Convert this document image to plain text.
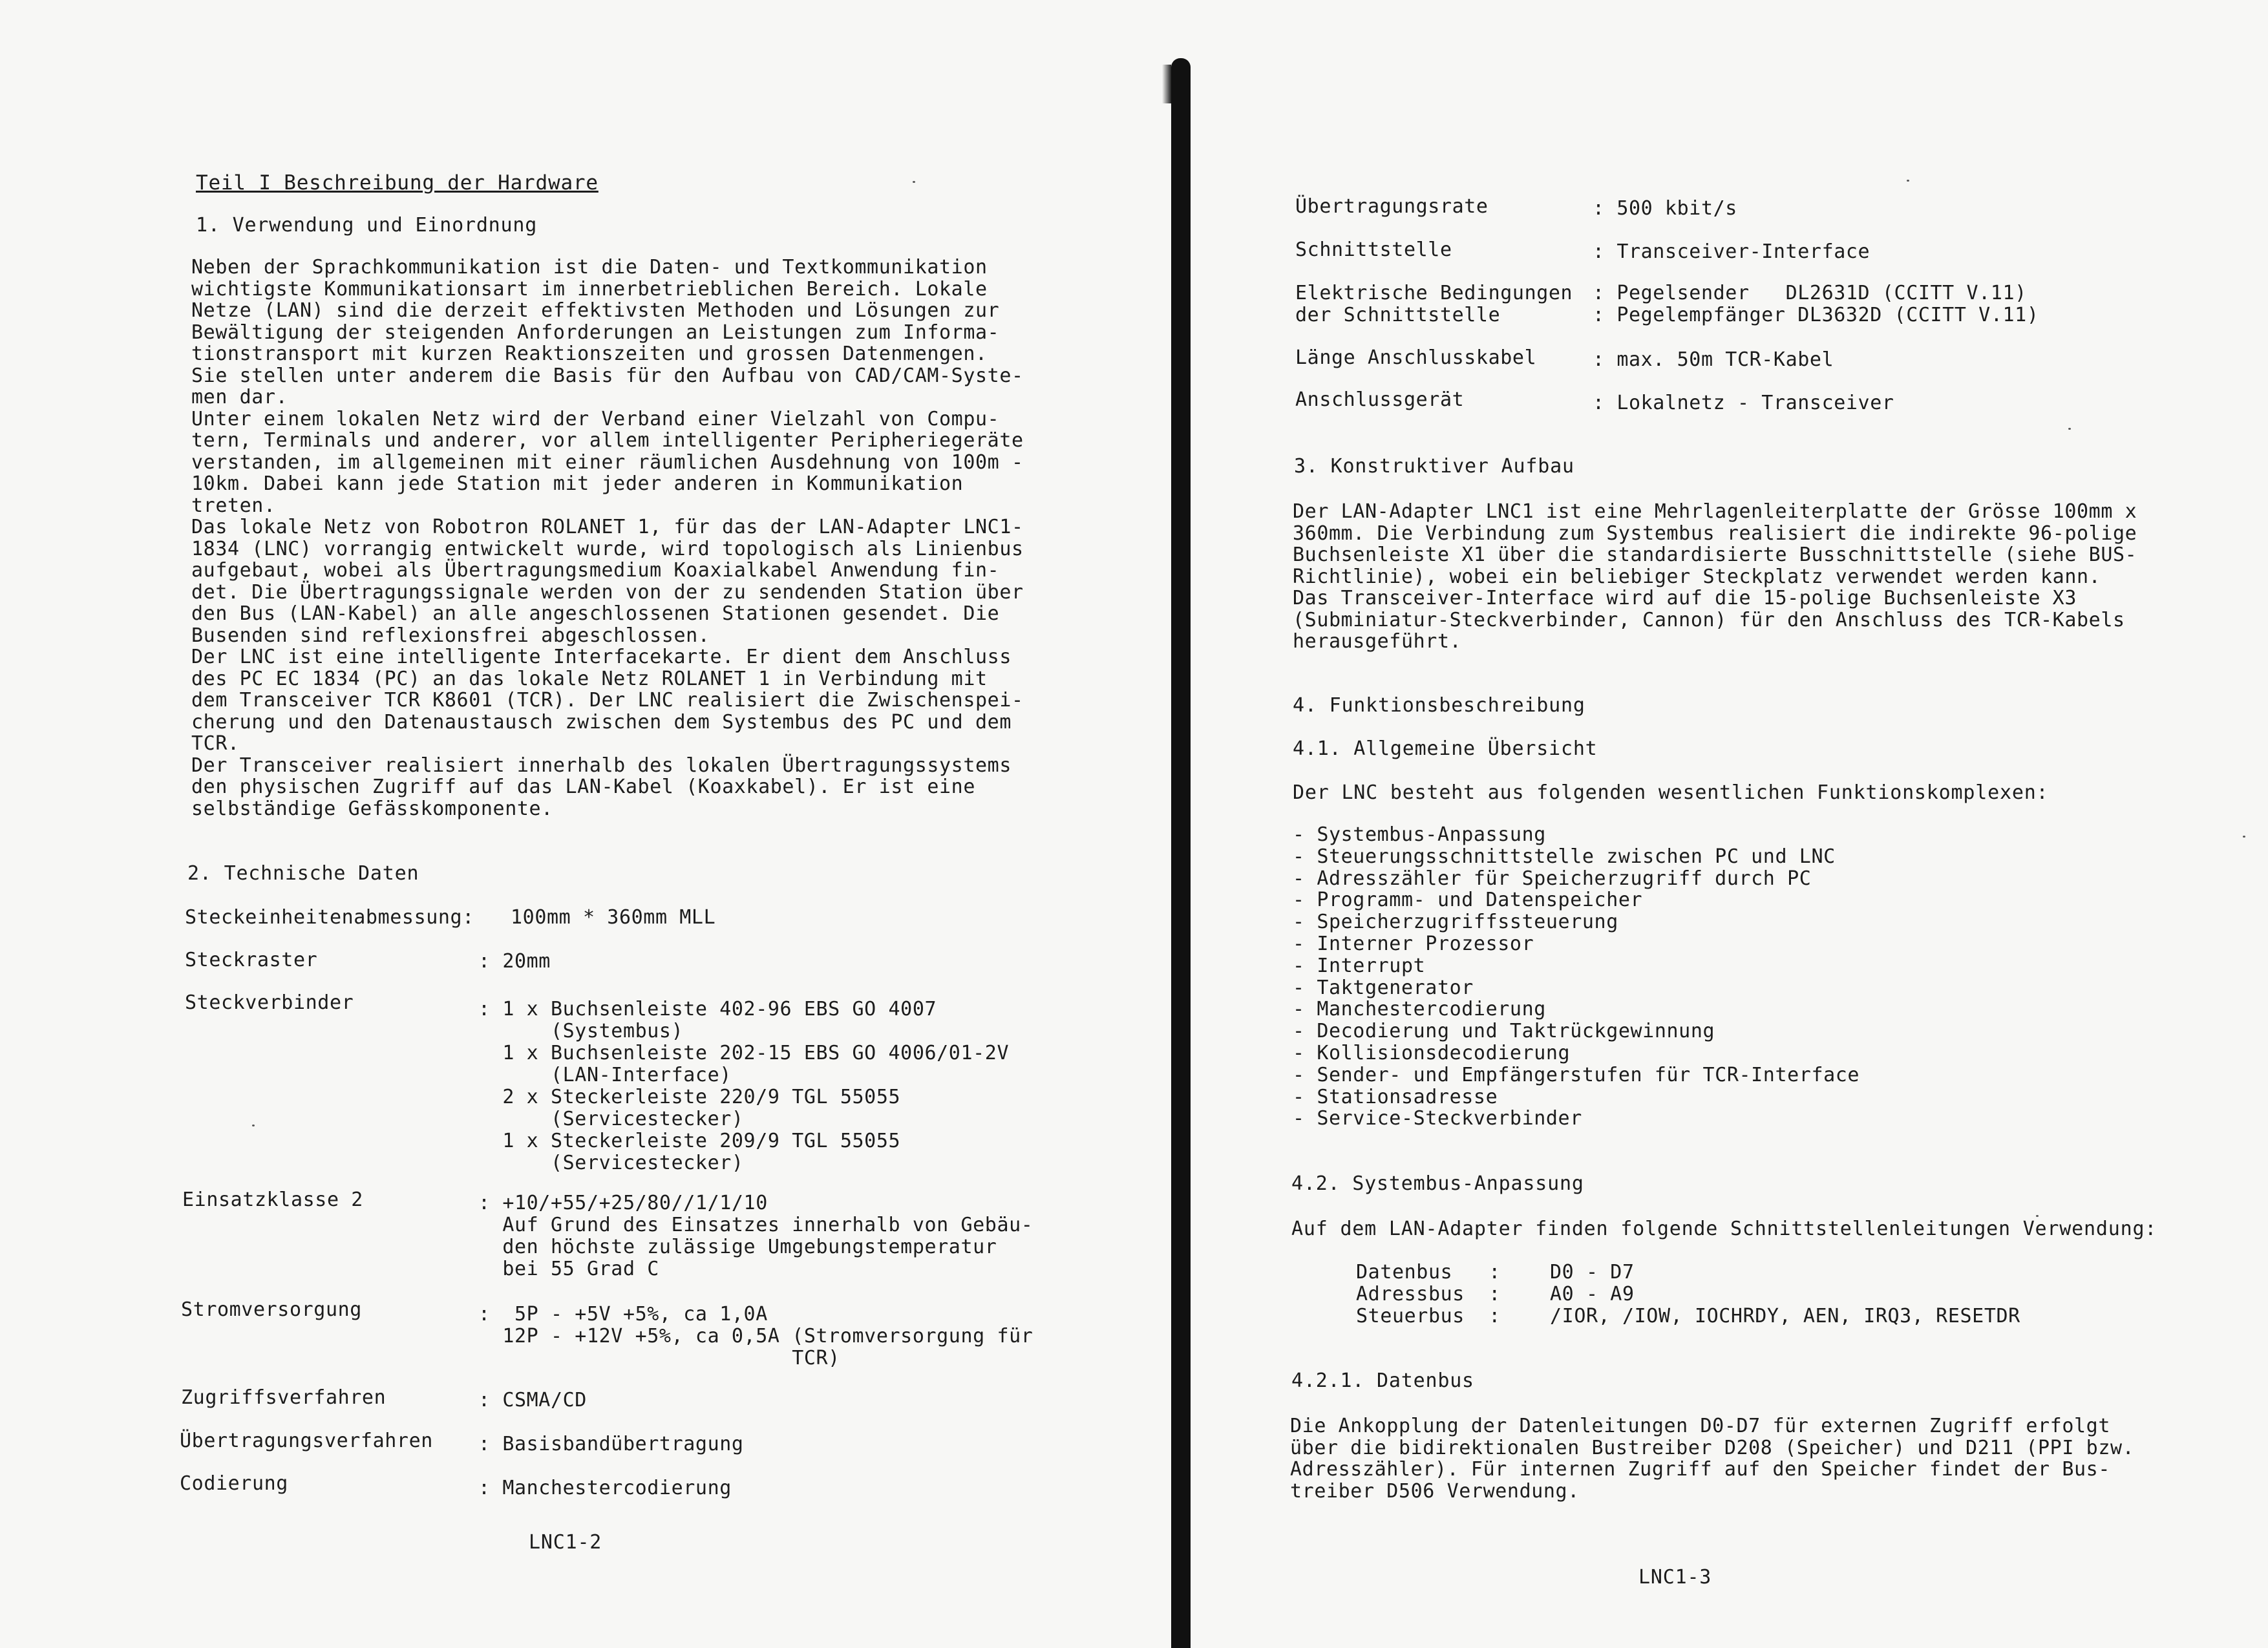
Teil I Beschreibung der Hardware
1. Verwendung und Einordnung
Neben der Sprachkommunikation ist die Daten- und Textkommunikation
wichtigste Kommunikationsart im innerbetrieblichen Bereich. Lokale
Netze (LAN) sind die derzeit effektivsten Methoden und Lösungen zur
Bewältigung der steigenden Anforderungen an Leistungen zum Informa-
tionstransport mit kurzen Reaktionszeiten und grossen Datenmengen.
Sie stellen unter anderem die Basis für den Aufbau von CAD/CAM-Syste-
men dar.
Unter einem lokalen Netz wird der Verband einer Vielzahl von Compu-
tern, Terminals und anderer, vor allem intelligenter Peripheriegeräte
verstanden, im allgemeinen mit einer räumlichen Ausdehnung von 100m -
10km. Dabei kann jede Station mit jeder anderen in Kommunikation
treten.
Das lokale Netz von Robotron ROLANET 1, für das der LAN-Adapter LNC1-
1834 (LNC) vorrangig entwickelt wurde, wird topologisch als Linienbus
aufgebaut, wobei als Übertragungsmedium Koaxialkabel Anwendung fin-
det. Die Übertragungssignale werden von der zu sendenden Station über
den Bus (LAN-Kabel) an alle angeschlossenen Stationen gesendet. Die
Busenden sind reflexionsfrei abgeschlossen.
Der LNC ist eine intelligente Interfacekarte. Er dient dem Anschluss
des PC EC 1834 (PC) an das lokale Netz ROLANET 1 in Verbindung mit
dem Transceiver TCR K8601 (TCR). Der LNC realisiert die Zwischenspei-
cherung und den Datenaustausch zwischen dem Systembus des PC und dem
TCR.
Der Transceiver realisiert innerhalb des lokalen Übertragungssystems
den physischen Zugriff auf das LAN-Kabel (Koaxkabel). Er ist eine
selbständige Gefässkomponente.
2. Technische Daten
Steckeinheitenabmessung: 100mm * 360mm MLL
Steckraster	: 20mm
Steckverbinder	: 1 x Buchsenleiste 402-96 EBS GO 4007
(Systembus)
1 x Buchsenleiste 202-15 EBS GO 4006/01-2V
(LAN-Interface)
2 x Steckerleiste 220/9 TGL 55055
(Servicestecker)
1 x Steckerleiste 209/9 TGL 55055
(Servicestecker)
Einsatzklasse 2	: +10/+55/+25/80//1/1/10
Auf Grund des Einsatzes innerhalb von Gebäu-
den höchste zulässige Umgebungstemperatur
bei 55 Grad C
Stromversorgung	:  5P - +5V +5%, ca 1,0A
12P - +12V +5%, ca 0,5A (Stromversorgung für
TCR)
Zugriffsverfahren	: CSMA/CD
Übertragungsverfahren : Basisbandübertragung
Codierung	: Manchestercodierung
LNC1-2
Übertragungsrate	: 500 kbit/s
Schnittstelle	: Transceiver-Interface
Elektrische Bedingungen
der Schnittstelle
: Pegelsender   DL2631D (CCITT V.11)
: Pegelempfänger DL3632D (CCITT V.11)
Länge Anschlusskabel	: max. 50m TCR-Kabel
Anschlussgerät	: Lokalnetz - Transceiver
3. Konstruktiver Aufbau
Der LAN-Adapter LNC1 ist eine Mehrlagenleiterplatte der Grösse 100mm x
360mm. Die Verbindung zum Systembus realisiert die indirekte 96-polige
Buchsenleiste X1 über die standardisierte Busschnittstelle (siehe BUS-
Richtlinie), wobei ein beliebiger Steckplatz verwendet werden kann.
Das Transceiver-Interface wird auf die 15-polige Buchsenleiste X3
(Subminiatur-Steckverbinder, Cannon) für den Anschluss des TCR-Kabels
herausgeführt.
4. Funktionsbeschreibung
4.1. Allgemeine Übersicht
Der LNC besteht aus folgenden wesentlichen Funktionskomplexen:
- Systembus-Anpassung
- Steuerungsschnittstelle zwischen PC und LNC
- Adresszähler für Speicherzugriff durch PC
- Programm- und Datenspeicher
- Speicherzugriffssteuerung
- Interner Prozessor
- Interrupt
- Taktgenerator
- Manchestercodierung
- Decodierung und Taktrückgewinnung
- Kollisionsdecodierung
- Sender- und Empfängerstufen für TCR-Interface
- Stationsadresse
- Service-Steckverbinder
4.2. Systembus-Anpassung
Auf dem LAN-Adapter finden folgende Schnittstellenleitungen Verwendung:
Datenbus   :	D0 - D7
Adressbus  :	A0 - A9
Steuerbus  :	/IOR, /IOW, IOCHRDY, AEN, IRQ3, RESETDR
4.2.1. Datenbus
Die Ankopplung der Datenleitungen D0-D7 für externen Zugriff erfolgt
über die bidirektionalen Bustreiber D208 (Speicher) und D211 (PPI bzw.
Adresszähler). Für internen Zugriff auf den Speicher findet der Bus-
treiber D506 Verwendung.
LNC1-3
